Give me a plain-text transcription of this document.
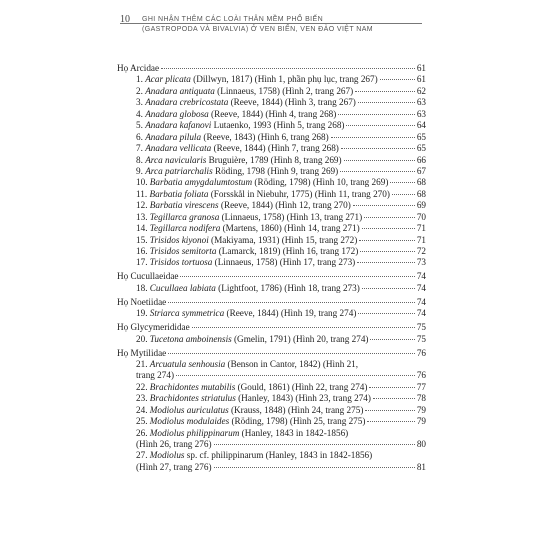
10 GHI NHẬN THÊM CÁC LOÀI THÂN MỀM PHỔ BIẾN
(GASTROPODA VÀ BIVALVIA) Ở VEN BIỂN, VEN ĐẢO VIỆT NAM
Họ Arcidae	61
1. Acar plicata (Dillwyn, 1817) (Hình 1, phần phụ lục, trang 267)	61
2. Anadara antiquata (Linnaeus, 1758) (Hình 2, trang 267)	62
3. Anadara crebricostata (Reeve, 1844) (Hình 3, trang 267)	63
4. Anadara globosa (Reeve, 1844) (Hình 4, trang 268)	63
5. Anadara kafanovi Lutaenko, 1993 (Hình 5, trang 268)	64
6. Anadara pilula (Reeve, 1843) (Hình 6, trang 268)	65
7. Anadara vellicata (Reeve, 1844) (Hình 7, trang 268)	65
8. Arca navicularis Bruguière, 1789 (Hình 8, trang 269)	66
9. Arca patriarchalis Röding, 1798 (Hình 9, trang 269)	67
10. Barbatia amygdalumtostum (Röding, 1798) (Hình 10, trang 269)	68
11. Barbatia foliata (Forsskål in Niebuhr, 1775) (Hình 11, trang 270)	68
12. Barbatia virescens (Reeve, 1844) (Hình 12, trang 270)	69
13. Tegillarca granosa (Linnaeus, 1758) (Hình 13, trang 271)	70
14. Tegillarca nodifera (Martens, 1860) (Hình 14, trang 271)	71
15. Trisidos kiyonoi (Makiyama, 1931) (Hình 15, trang 272)	71
16. Trisidos semitorta (Lamarck, 1819) (Hình 16, trang 172)	72
17. Trisidos tortuosa (Linnaeus, 1758) (Hình 17, trang 273)	73
Họ Cucullaeidae	74
18. Cucullaea labiata (Lightfoot, 1786) (Hình 18, trang 273)	74
Họ Noetiidae	74
19. Striarca symmetrica (Reeve, 1844) (Hình 19, trang 274)	74
Họ Glycymerididae	75
20. Tucetona amboinensis (Gmelin, 1791) (Hình 20, trang 274)	75
Họ Mytilidae	76
21. Arcuatula senhousia (Benson in Cantor, 1842) (Hình 21,
trang 274)	76
22. Brachidontes mutabilis (Gould, 1861) (Hình 22, trang 274)	77
23. Brachidontes striatulus (Hanley, 1843) (Hình 23, trang 274)	78
24. Modiolus auriculatus (Krauss, 1848) (Hình 24, trang 275)	79
25. Modiolus modulaides (Röding, 1798) (Hình 25, trang 275)	79
26. Modiolus philippinarum (Hanley, 1843 in 1842-1856)
(Hình 26, trang 276)	80
27. Modiolus sp. cf. philippinarum (Hanley, 1843 in 1842-1856)
(Hình 27, trang 276)	81
